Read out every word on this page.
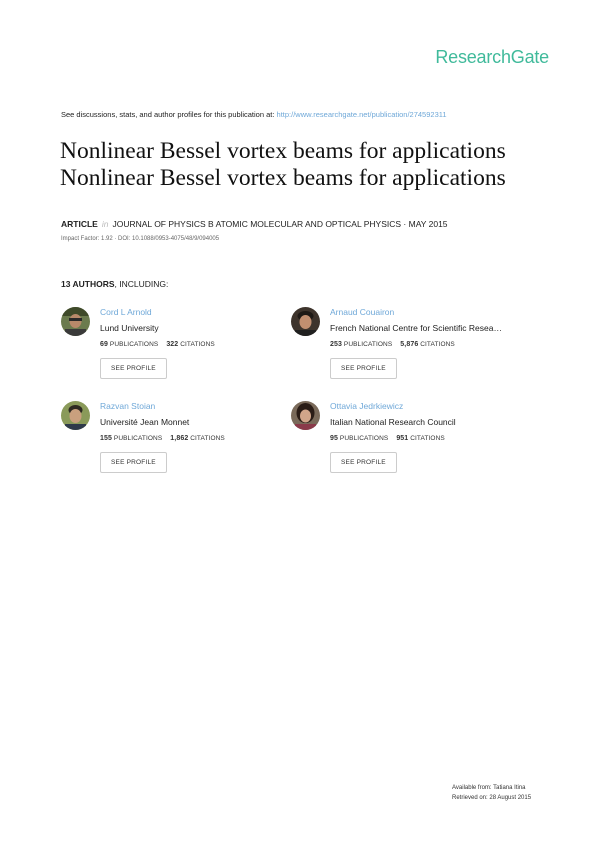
ResearchGate
See discussions, stats, and author profiles for this publication at: http://www.researchgate.net/publication/274592311
Nonlinear Bessel vortex beams for applications
Nonlinear Bessel vortex beams for applications
ARTICLE in JOURNAL OF PHYSICS B ATOMIC MOLECULAR AND OPTICAL PHYSICS · MAY 2015
Impact Factor: 1.92 · DOI: 10.1088/0953-4075/48/9/094005
13 AUTHORS, INCLUDING:
Cord L Arnold
Lund University
69 PUBLICATIONS 322 CITATIONS
SEE PROFILE
Arnaud Couairon
French National Centre for Scientific Resea…
253 PUBLICATIONS 5,876 CITATIONS
SEE PROFILE
Razvan Stoian
Université Jean Monnet
155 PUBLICATIONS 1,862 CITATIONS
SEE PROFILE
Ottavia Jedrkiewicz
Italian National Research Council
95 PUBLICATIONS 951 CITATIONS
SEE PROFILE
Available from: Tatiana Itina
Retrieved on: 28 August 2015
